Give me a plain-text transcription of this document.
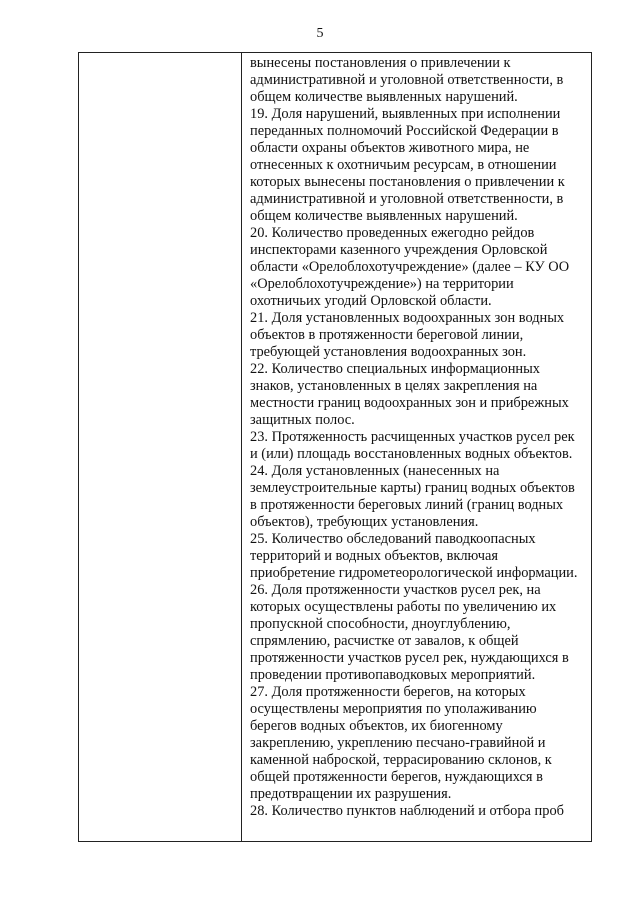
5

вынесены постановления о привлечении к
административной и уголовной ответственности, в
общем количестве выявленных нарушений.
19. Доля нарушений, выявленных при исполнении
переданных полномочий Российской Федерации в
области охраны объектов животного мира, не
отнесенных к охотничьим ресурсам, в отношении
которых вынесены постановления о привлечении к
административной и уголовной ответственности, в
общем количестве выявленных нарушений.
20. Количество проведенных ежегодно рейдов
инспекторами казенного учреждения Орловской
области «Орелоблохотучреждение» (далее – КУ ОО
«Орелоблохотучреждение») на территории
охотничьих угодий Орловской области.
21. Доля установленных водоохранных зон водных
объектов в протяженности береговой линии,
требующей установления водоохранных зон.
22. Количество специальных информационных
знаков, установленных в целях закрепления на
местности границ водоохранных зон и прибрежных
защитных полос.
23. Протяженность расчищенных участков русел рек
и (или) площадь восстановленных водных объектов.
24. Доля установленных (нанесенных на
землеустроительные карты) границ водных объектов
в протяженности береговых линий (границ водных
объектов), требующих установления.
25. Количество обследований паводкоопасных
территорий и водных объектов, включая
приобретение гидрометеорологической информации.
26. Доля протяженности участков русел рек, на
которых осуществлены работы по увеличению их
пропускной способности, дноуглублению,
спрямлению, расчистке от завалов, к общей
протяженности участков русел рек, нуждающихся в
проведении противопаводковых мероприятий.
27. Доля протяженности берегов, на которых
осуществлены мероприятия по уполаживанию
берегов водных объектов, их биогенному
закреплению, укреплению песчано-гравийной и
каменной наброской, террасированию склонов, к
общей протяженности берегов, нуждающихся в
предотвращении их разрушения.
28. Количество пунктов наблюдений и отбора проб
